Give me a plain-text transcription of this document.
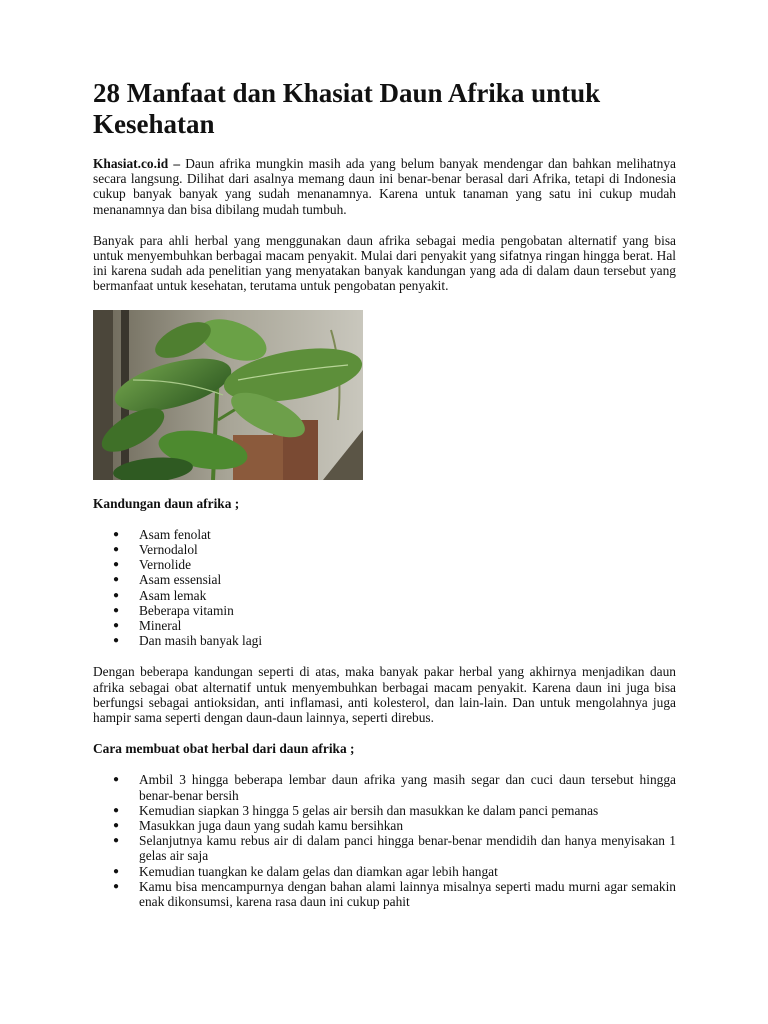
28 Manfaat dan Khasiat Daun Afrika untuk Kesehatan

Khasiat.co.id – Daun afrika mungkin masih ada yang belum banyak mendengar dan bahkan melihatnya secara langsung. Dilihat dari asalnya memang daun ini benar-benar berasal dari Afrika, tetapi di Indonesia cukup banyak banyak yang sudah menanamnya. Karena untuk tanaman yang satu ini cukup mudah menanamnya dan bisa dibilang mudah tumbuh.

Banyak para ahli herbal yang menggunakan daun afrika sebagai media pengobatan alternatif yang bisa untuk menyembuhkan berbagai macam penyakit. Mulai dari penyakit yang sifatnya ringan hingga berat. Hal ini karena sudah ada penelitian yang menyatakan banyak kandungan yang ada di dalam daun tersebut yang bermanfaat untuk kesehatan, terutama untuk pengobatan penyakit.

Kandungan daun afrika ;
● Asam fenolat
● Vernodalol
● Vernolide
● Asam essensial
● Asam lemak
● Beberapa vitamin
● Mineral
● Dan masih banyak lagi

Dengan beberapa kandungan seperti di atas, maka banyak pakar herbal yang akhirnya menjadikan daun afrika sebagai obat alternatif untuk menyembuhkan berbagai macam penyakit. Karena daun ini juga bisa berfungsi sebagai antioksidan, anti inflamasi, anti kolesterol, dan lain-lain. Dan untuk mengolahnya juga hampir sama seperti dengan daun-daun lainnya, seperti direbus.

Cara membuat obat herbal dari daun afrika ;
● Ambil 3 hingga beberapa lembar daun afrika yang masih segar dan cuci daun tersebut hingga benar-benar bersih
● Kemudian siapkan 3 hingga 5 gelas air bersih dan masukkan ke dalam panci pemanas
● Masukkan juga daun yang sudah kamu bersihkan
● Selanjutnya kamu rebus air di dalam panci hingga benar-benar mendidih dan hanya menyisakan 1 gelas air saja
● Kemudian tuangkan ke dalam gelas dan diamkan agar lebih hangat
● Kamu bisa mencampurnya dengan bahan alami lainnya misalnya seperti madu murni agar semakin enak dikonsumsi, karena rasa daun ini cukup pahit
